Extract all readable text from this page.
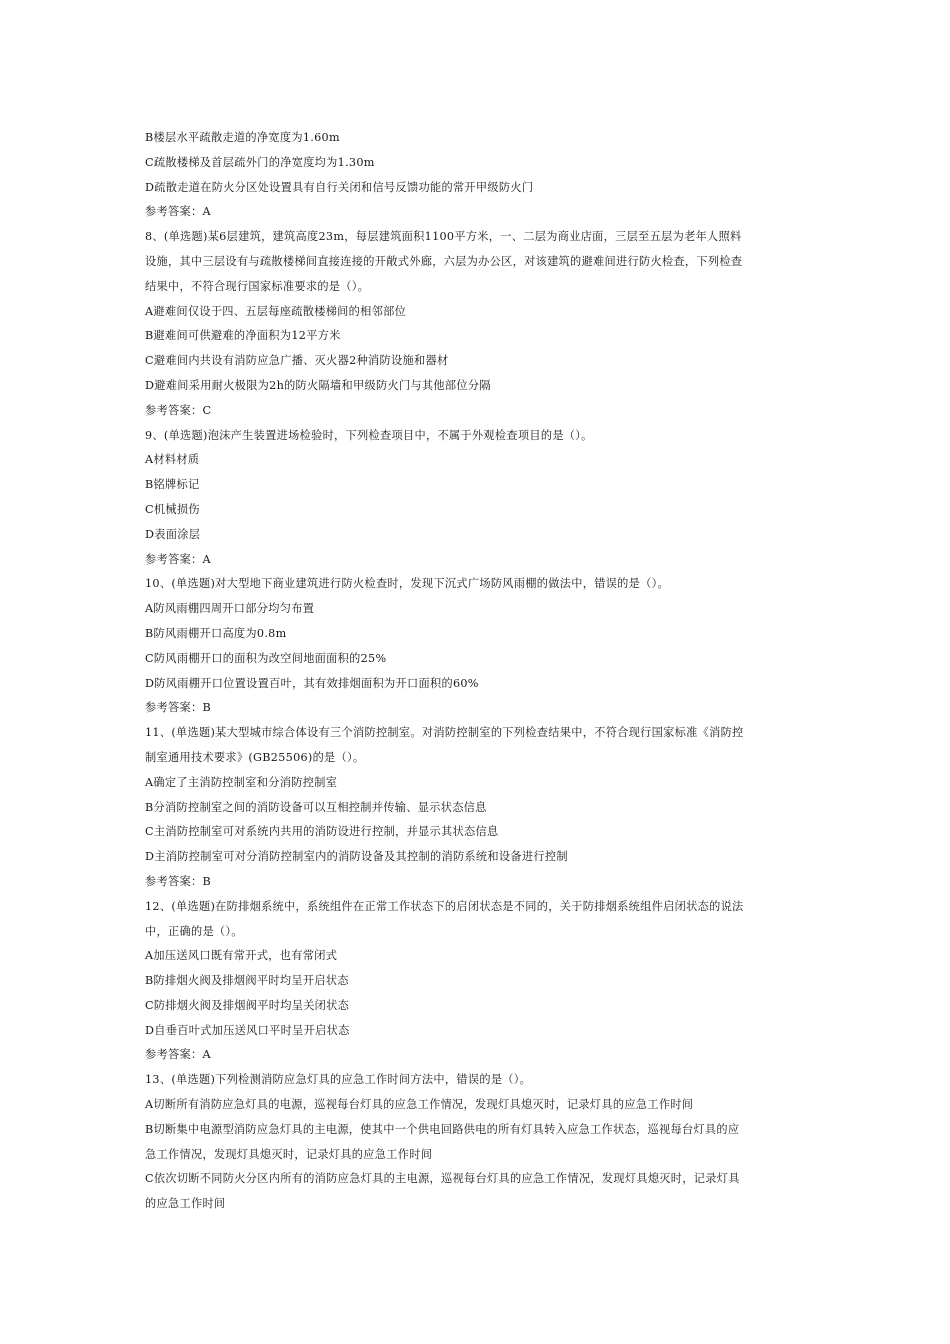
B楼层水平疏散走道的净宽度为1.60m
C疏散楼梯及首层疏外门的净宽度均为1.30m
D疏散走道在防火分区处设置具有自行关闭和信号反馈功能的常开甲级防火门
参考答案：A
8、(单选题)某6层建筑，建筑高度23m，每层建筑面积1100平方米，一、二层为商业店面，三层至五层为老年人照料
设施，其中三层设有与疏散楼梯间直接连接的开敞式外廊，六层为办公区，对该建筑的避难间进行防火检查，下列检查
结果中，不符合现行国家标准要求的是（）。
A避难间仅设于四、五层每座疏散楼梯间的相邻部位
B避难间可供避难的净面积为12平方米
C避难间内共设有消防应急广播、灭火器2种消防设施和器材
D避难间采用耐火极限为2h的防火隔墙和甲级防火门与其他部位分隔
参考答案：C
9、(单选题)泡沫产生装置进场检验时，下列检查项目中，不属于外观检查项目的是（）。
A材料材质
B铭牌标记
C机械损伤
D表面涂层
参考答案：A
10、(单选题)对大型地下商业建筑进行防火检查时，发现下沉式广场防风雨棚的做法中，错误的是（）。
A防风雨棚四周开口部分均匀布置
B防风雨棚开口高度为0.8m
C防风雨棚开口的面积为改空间地面面积的25%
D防风雨棚开口位置设置百叶，其有效排烟面积为开口面积的60%
参考答案：B
11、(单选题)某大型城市综合体设有三个消防控制室。对消防控制室的下列检查结果中，不符合现行国家标准《消防控
制室通用技术要求》(GB25506)的是（）。
A确定了主消防控制室和分消防控制室
B分消防控制室之间的消防设备可以互相控制并传输、显示状态信息
C主消防控制室可对系统内共用的消防设进行控制，并显示其状态信息
D主消防控制室可对分消防控制室内的消防设备及其控制的消防系统和设备进行控制
参考答案：B
12、(单选题)在防排烟系统中，系统组件在正常工作状态下的启闭状态是不同的，关于防排烟系统组件启闭状态的说法
中，正确的是（）。
A加压送风口既有常开式，也有常闭式
B防排烟火阀及排烟阀平时均呈开启状态
C防排烟火阀及排烟阀平时均呈关闭状态
D自垂百叶式加压送风口平时呈开启状态
参考答案：A
13、(单选题)下列检测消防应急灯具的应急工作时间方法中，错误的是（）。
A切断所有消防应急灯具的电源，巡视每台灯具的应急工作情况，发现灯具熄灭时，记录灯具的应急工作时间
B切断集中电源型消防应急灯具的主电源，使其中一个供电回路供电的所有灯具转入应急工作状态，巡视每台灯具的应
急工作情况，发现灯具熄灭时，记录灯具的应急工作时间
C依次切断不同防火分区内所有的消防应急灯具的主电源，巡视每台灯具的应急工作情况，发现灯具熄灭时，记录灯具
的应急工作时间
